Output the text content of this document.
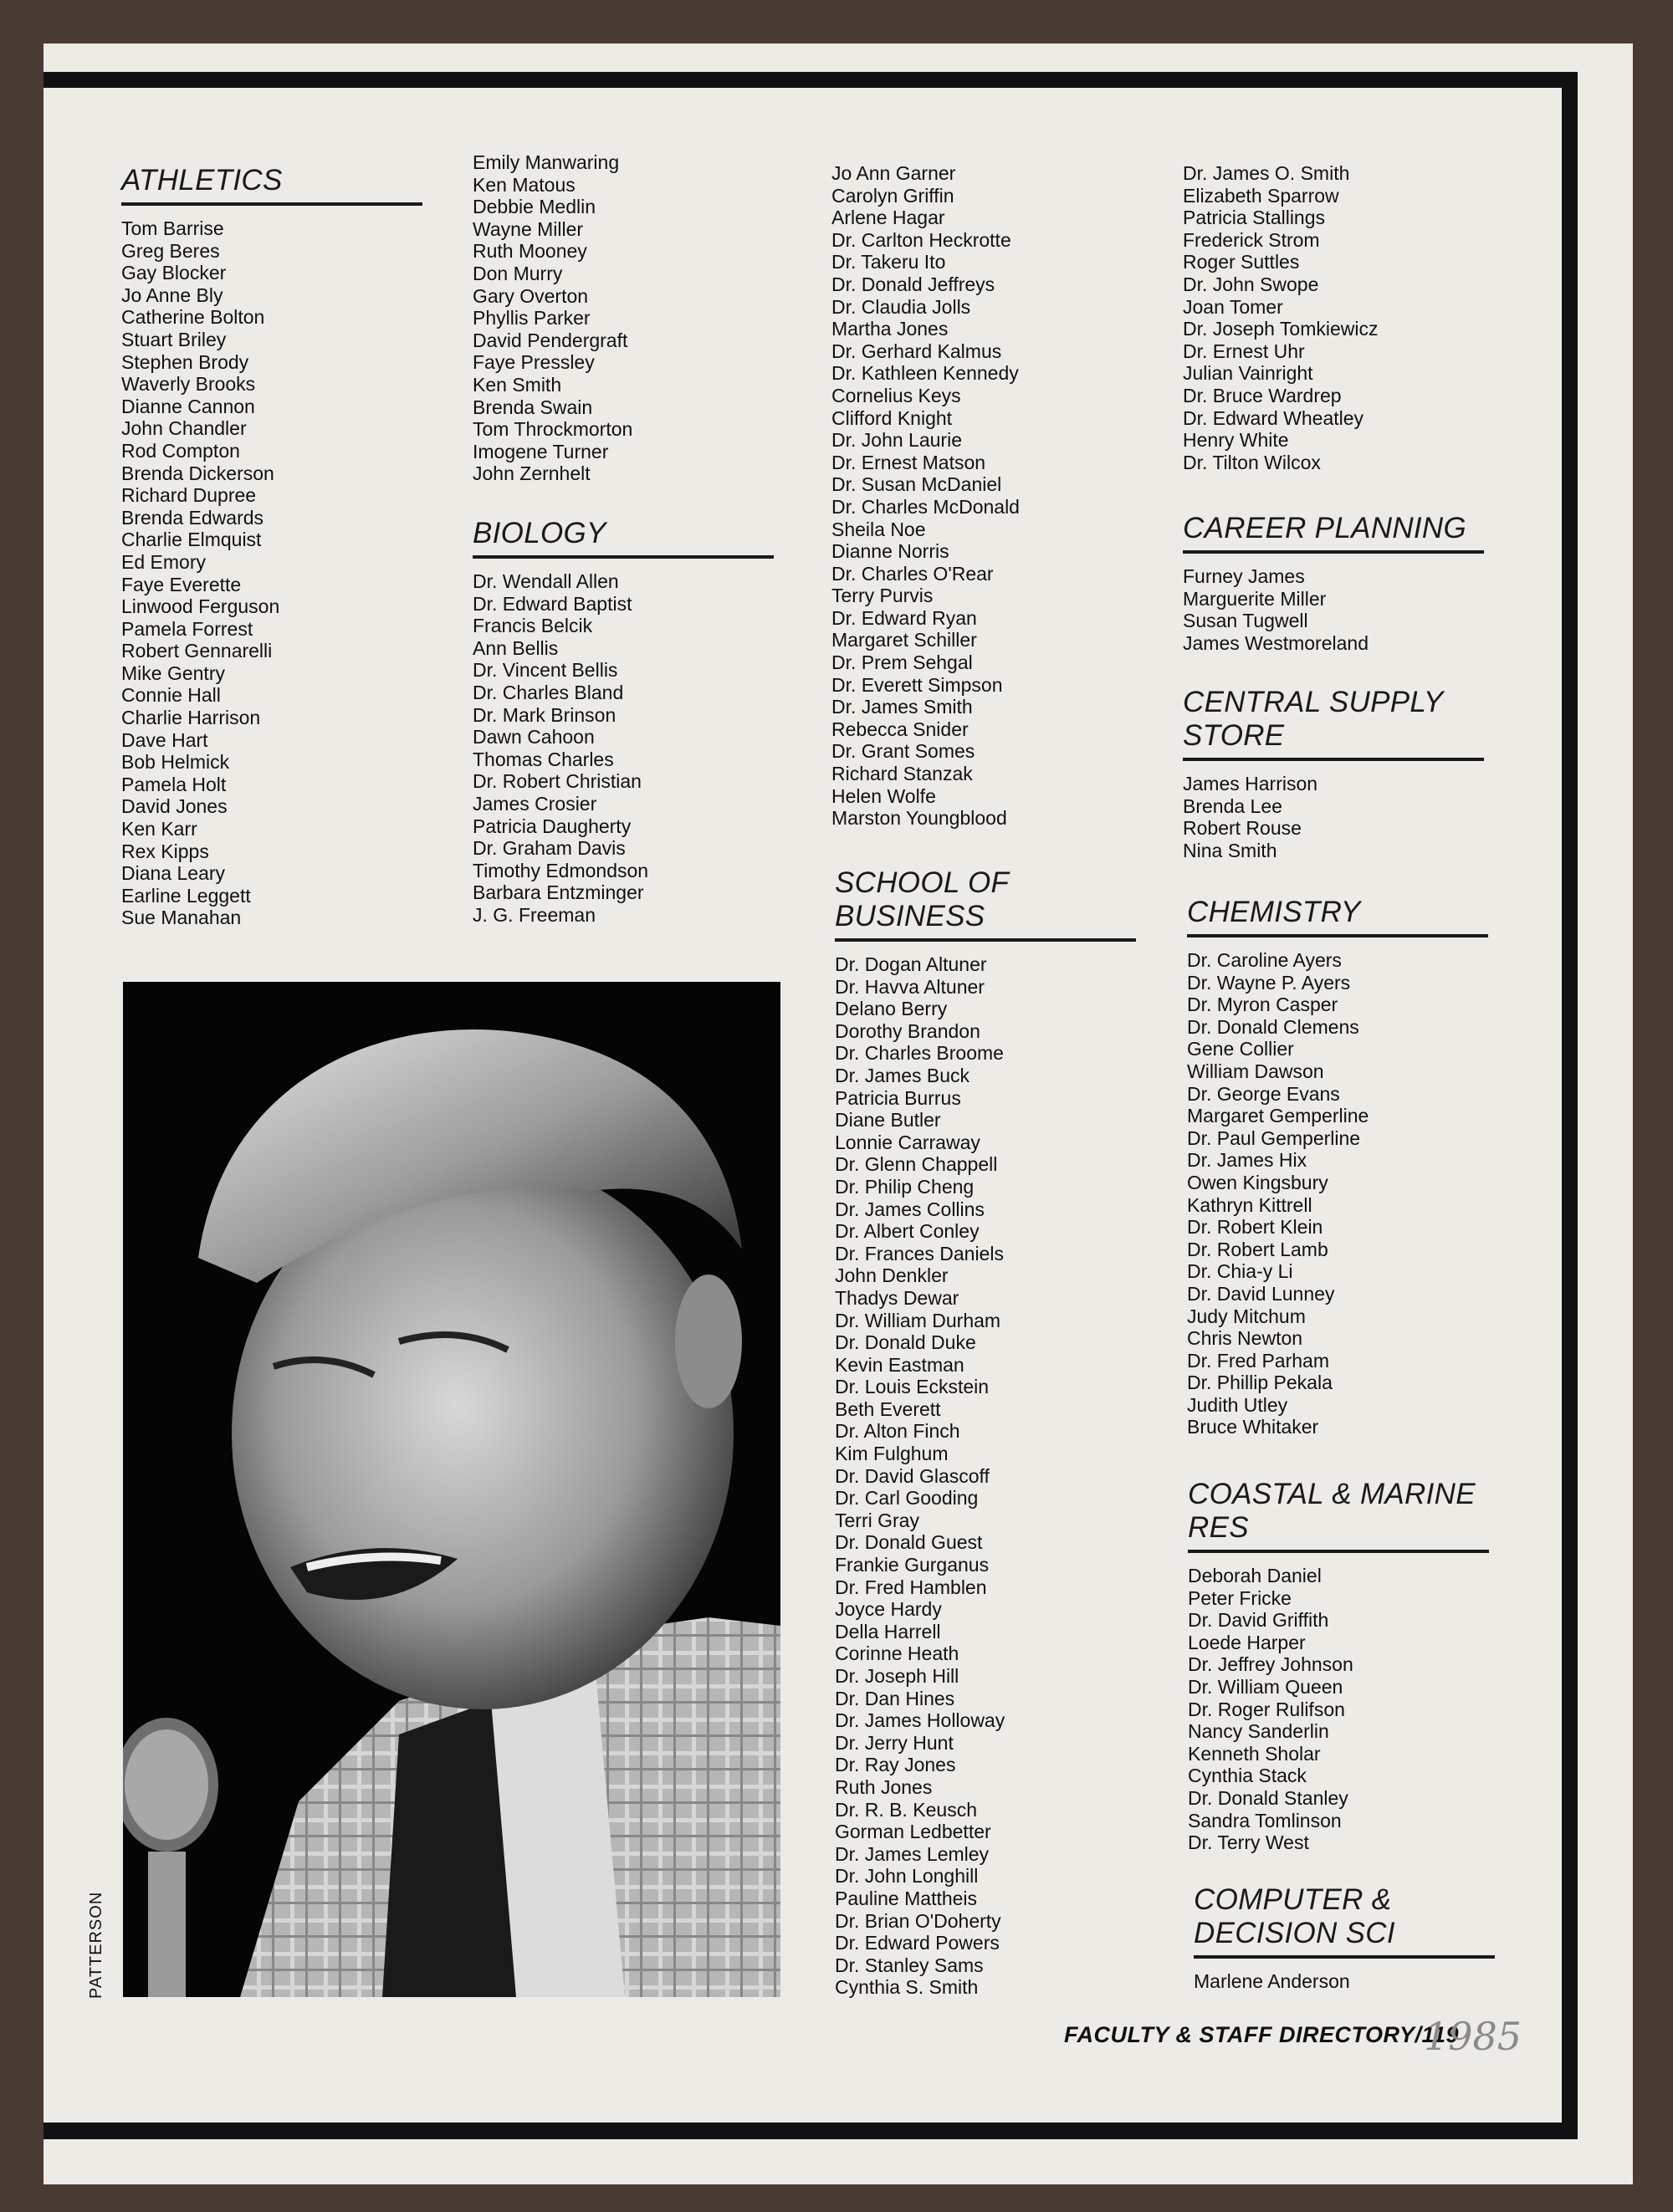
ATHLETICS
Tom Barrise
Greg Beres
Gay Blocker
Jo Anne Bly
Catherine Bolton
Stuart Briley
Stephen Brody
Waverly Brooks
Dianne Cannon
John Chandler
Rod Compton
Brenda Dickerson
Richard Dupree
Brenda Edwards
Charlie Elmquist
Ed Emory
Faye Everette
Linwood Ferguson
Pamela Forrest
Robert Gennarelli
Mike Gentry
Connie Hall
Charlie Harrison
Dave Hart
Bob Helmick
Pamela Holt
David Jones
Ken Karr
Rex Kipps
Diana Leary
Earline Leggett
Sue Manahan
Emily Manwaring
Ken Matous
Debbie Medlin
Wayne Miller
Ruth Mooney
Don Murry
Gary Overton
Phyllis Parker
David Pendergraft
Faye Pressley
Ken Smith
Brenda Swain
Tom Throckmorton
Imogene Turner
John Zernhelt
BIOLOGY
Dr. Wendall Allen
Dr. Edward Baptist
Francis Belcik
Ann Bellis
Dr. Vincent Bellis
Dr. Charles Bland
Dr. Mark Brinson
Dawn Cahoon
Thomas Charles
Dr. Robert Christian
James Crosier
Patricia Daugherty
Dr. Graham Davis
Timothy Edmondson
Barbara Entzminger
J. G. Freeman
Jo Ann Garner
Carolyn Griffin
Arlene Hagar
Dr. Carlton Heckrotte
Dr. Takeru Ito
Dr. Donald Jeffreys
Dr. Claudia Jolls
Martha Jones
Dr. Gerhard Kalmus
Dr. Kathleen Kennedy
Cornelius Keys
Clifford Knight
Dr. John Laurie
Dr. Ernest Matson
Dr. Susan McDaniel
Dr. Charles McDonald
Sheila Noe
Dianne Norris
Dr. Charles O'Rear
Terry Purvis
Dr. Edward Ryan
Margaret Schiller
Dr. Prem Sehgal
Dr. Everett Simpson
Dr. James Smith
Rebecca Snider
Dr. Grant Somes
Richard Stanzak
Helen Wolfe
Marston Youngblood
SCHOOL OF BUSINESS
Dr. Dogan Altuner
Dr. Havva Altuner
Delano Berry
Dorothy Brandon
Dr. Charles Broome
Dr. James Buck
Patricia Burrus
Diane Butler
Lonnie Carraway
Dr. Glenn Chappell
Dr. Philip Cheng
Dr. James Collins
Dr. Albert Conley
Dr. Frances Daniels
John Denkler
Thadys Dewar
Dr. William Durham
Dr. Donald Duke
Kevin Eastman
Dr. Louis Eckstein
Beth Everett
Dr. Alton Finch
Kim Fulghum
Dr. David Glascoff
Dr. Carl Gooding
Terri Gray
Dr. Donald Guest
Frankie Gurganus
Dr. Fred Hamblen
Joyce Hardy
Della Harrell
Corinne Heath
Dr. Joseph Hill
Dr. Dan Hines
Dr. James Holloway
Dr. Jerry Hunt
Dr. Ray Jones
Ruth Jones
Dr. R. B. Keusch
Gorman Ledbetter
Dr. James Lemley
Dr. John Longhill
Pauline Mattheis
Dr. Brian O'Doherty
Dr. Edward Powers
Dr. Stanley Sams
Cynthia S. Smith
Dr. James O. Smith
Elizabeth Sparrow
Patricia Stallings
Frederick Strom
Roger Suttles
Dr. John Swope
Joan Tomer
Dr. Joseph Tomkiewicz
Dr. Ernest Uhr
Julian Vainright
Dr. Bruce Wardrep
Dr. Edward Wheatley
Henry White
Dr. Tilton Wilcox
CAREER PLANNING
Furney James
Marguerite Miller
Susan Tugwell
James Westmoreland
CENTRAL SUPPLY STORE
James Harrison
Brenda Lee
Robert Rouse
Nina Smith
CHEMISTRY
Dr. Caroline Ayers
Dr. Wayne P. Ayers
Dr. Myron Casper
Dr. Donald Clemens
Gene Collier
William Dawson
Dr. George Evans
Margaret Gemperline
Dr. Paul Gemperline
Dr. James Hix
Owen Kingsbury
Kathryn Kittrell
Dr. Robert Klein
Dr. Robert Lamb
Dr. Chia-y Li
Dr. David Lunney
Judy Mitchum
Chris Newton
Dr. Fred Parham
Dr. Phillip Pekala
Judith Utley
Bruce Whitaker
COASTAL & MARINE RES
Deborah Daniel
Peter Fricke
Dr. David Griffith
Loede Harper
Dr. Jeffrey Johnson
Dr. William Queen
Dr. Roger Rulifson
Nancy Sanderlin
Kenneth Sholar
Cynthia Stack
Dr. Donald Stanley
Sandra Tomlinson
Dr. Terry West
COMPUTER & DECISION SCI
Marlene Anderson
PATTERSON
FACULTY & STAFF DIRECTORY/119
1985
